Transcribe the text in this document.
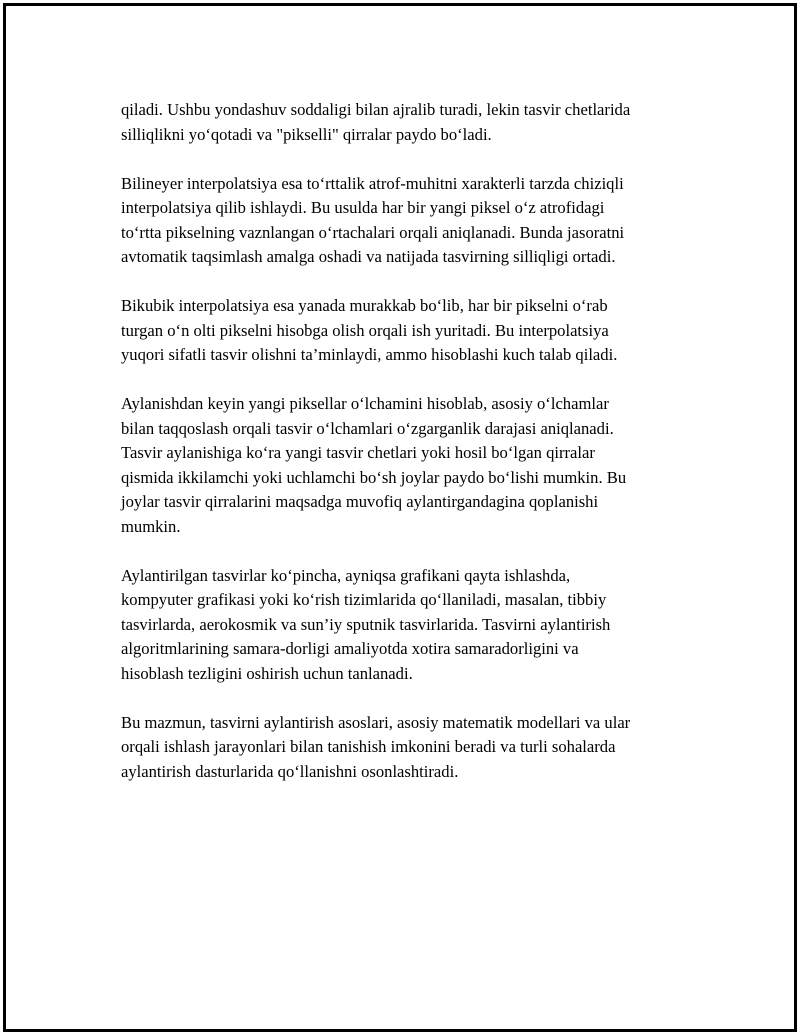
qiladi. Ushbu yondashuv soddaligi bilan ajralib turadi, lekin tasvir chetlarida
silliqlikni yo‘qotadi va "pikselli" qirralar paydo bo‘ladi.

Bilineyer interpolatsiya esa to‘rttalik atrof-muhitni xarakterli tarzda chiziqli
interpolatsiya qilib ishlaydi. Bu usulda har bir yangi piksel o‘z atrofidagi
to‘rtta pikselning vaznlangan o‘rtachalari orqali aniqlanadi. Bunda jasoratni
avtomatik taqsimlash amalga oshadi va natijada tasvirning silliqligi ortadi.

Bikubik interpolatsiya esa yanada murakkab bo‘lib, har bir pikselni o‘rab
turgan o‘n olti pikselni hisobga olish orqali ish yuritadi. Bu interpolatsiya
yuqori sifatli tasvir olishni ta’minlaydi, ammo hisoblashi kuch talab qiladi.

Aylanishdan keyin yangi piksellar o‘lchamini hisoblab, asosiy o‘lchamlar
bilan taqqoslash orqali tasvir o‘lchamlari o‘zgarganlik darajasi aniqlanadi.
Tasvir aylanishiga ko‘ra yangi tasvir chetlari yoki hosil bo‘lgan qirralar
qismida ikkilamchi yoki uchlamchi bo‘sh joylar paydo bo‘lishi mumkin. Bu
joylar tasvir qirralarini maqsadga muvofiq aylantirgandagina qoplanishi
mumkin.

Aylantirilgan tasvirlar ko‘pincha, ayniqsa grafikani qayta ishlashda,
kompyuter grafikasi yoki ko‘rish tizimlarida qo‘llaniladi, masalan, tibbiy
tasvirlarda, aerokosmik va sun’iy sputnik tasvirlarida. Tasvirni aylantirish
algoritmlarining samara-dorligi amaliyotda xotira samaradorligini va
hisoblash tezligini oshirish uchun tanlanadi.

Bu mazmun, tasvirni aylantirish asoslari, asosiy matematik modellari va ular
orqali ishlash jarayonlari bilan tanishish imkonini beradi va turli sohalarda
aylantirish dasturlarida qo‘llanishni osonlashtiradi.
